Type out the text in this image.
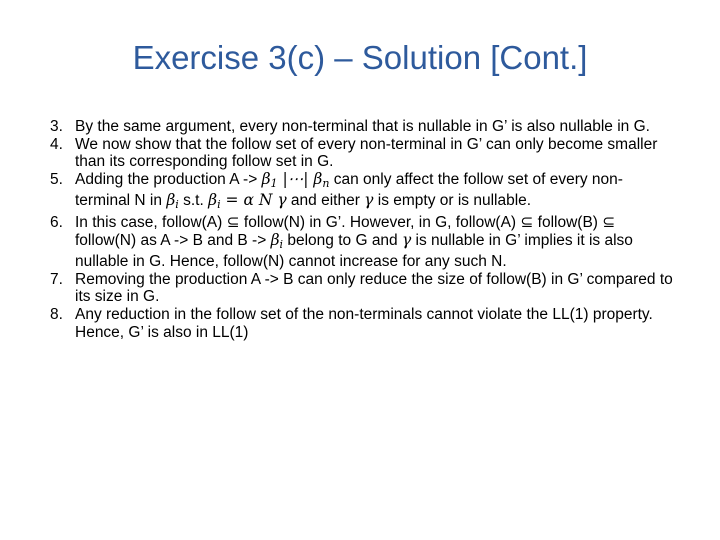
Exercise 3(c) – Solution [Cont.]
3. By the same argument, every non-terminal that is nullable in G’ is also nullable in G.
4. We now show that the follow set of every non-terminal in G’ can only become smaller than its corresponding follow set in G.
5. Adding the production $A -> \beta_1$ |⋯| $\beta_n$ can only affect the follow set of every non-terminal N in $\beta_i$ s.t. $\beta_i = \alpha$ N γ and either γ is empty or is nullable.
6. In this case, follow(A) ⊆ follow(N) in G’. However, in G, follow(A) ⊆ follow(B) ⊆ follow(N) as A -> B and $B -> \beta_i$ belong to G and γ is nullable in G’ implies it is also nullable in G. Hence, follow(N) cannot increase for any such N.
7. Removing the production A -> B can only reduce the size of follow(B) in G’ compared to its size in G.
8. Any reduction in the follow set of the non-terminals cannot violate the LL(1) property. Hence, G’ is also in LL(1)
